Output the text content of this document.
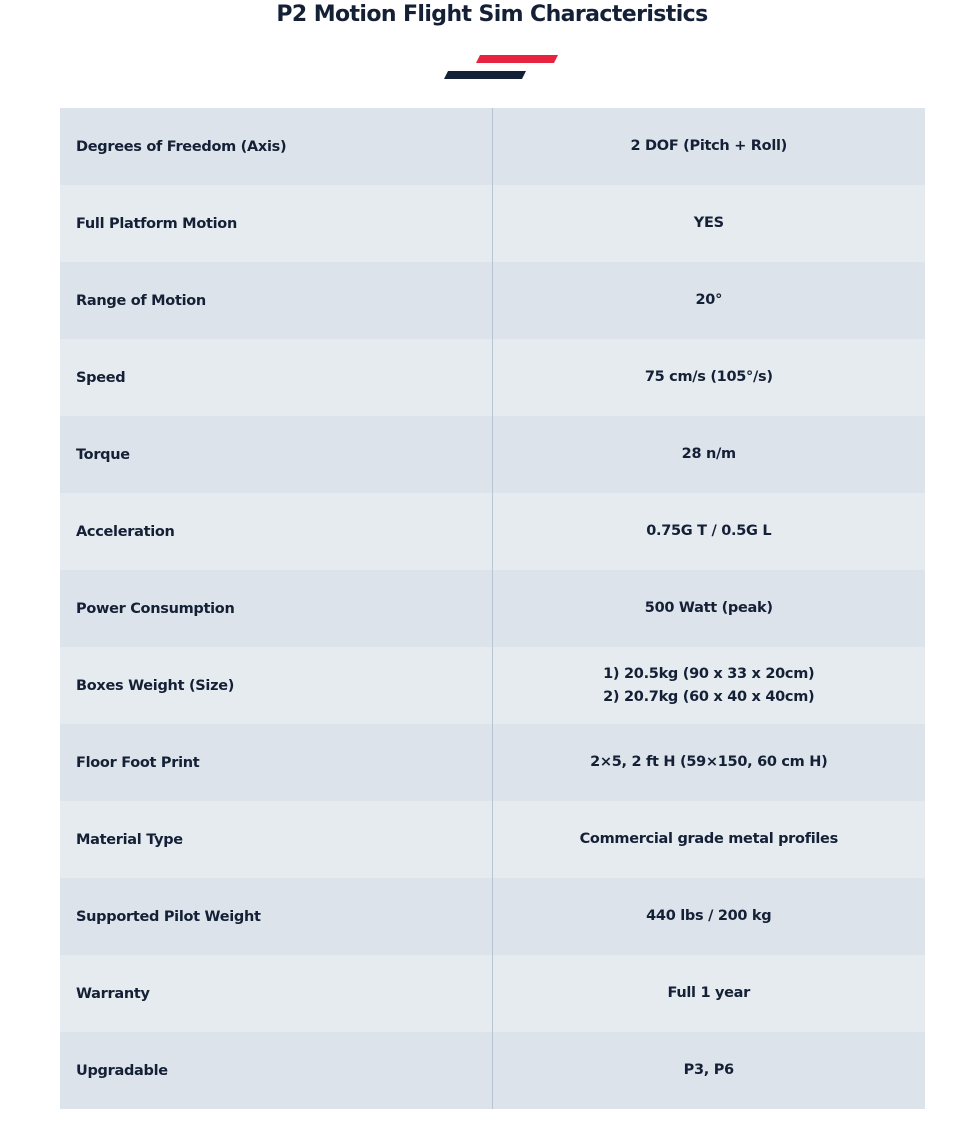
P2 Motion Flight Sim Characteristics
Degrees of Freedom (Axis)	2 DOF (Pitch + Roll)

Full Platform Motion	YES

Range of Motion	20°

Speed	75 cm/s (105°/s)

Torque	28 n/m

Acceleration	0.75G T / 0.5G L

Power Consumption	500 Watt (peak)

Boxes Weight (Size)	1) 20.5kg (90 x 33 x 20cm)
2) 20.7kg (60 x 40 x 40cm)

Floor Foot Print	2×5, 2 ft H (59×150, 60 cm H)

Material Type	Commercial grade metal profiles

Supported Pilot Weight	440 lbs / 200 kg

Warranty	Full 1 year

Upgradable	P3, P6
